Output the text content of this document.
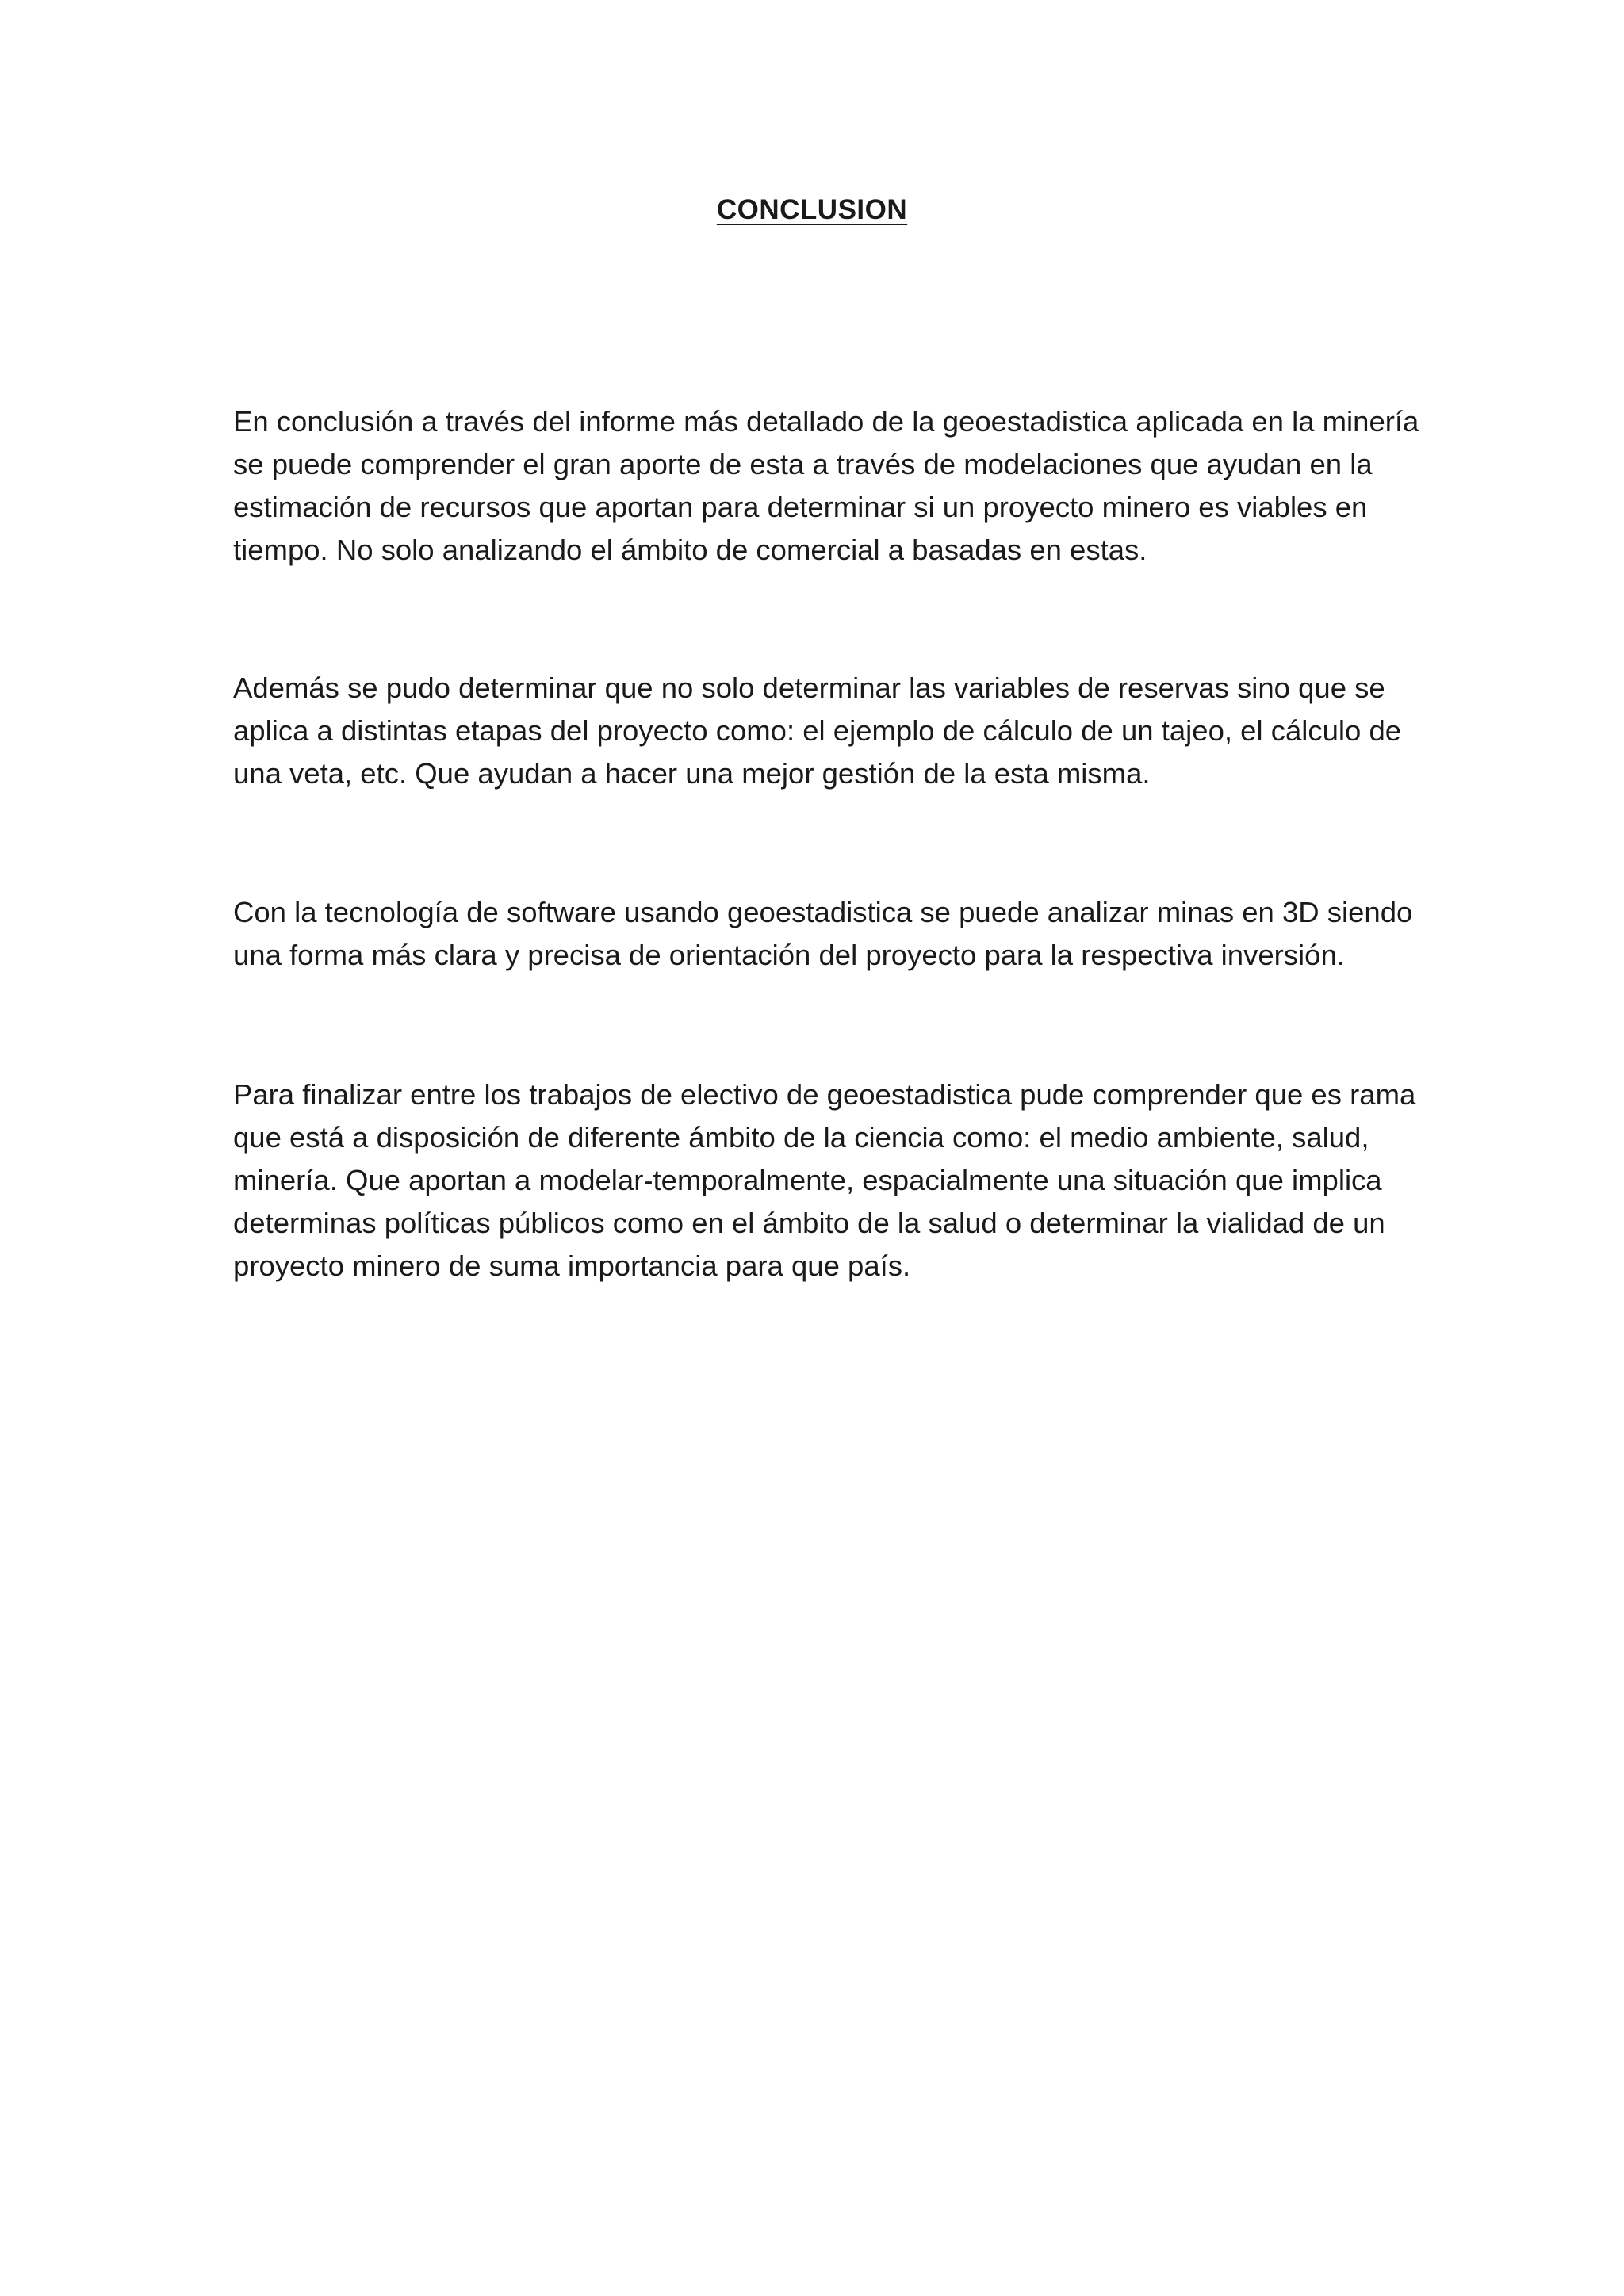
CONCLUSION

En conclusión a través del informe más detallado de la geoestadistica aplicada en la minería
se puede comprender el gran aporte de esta a través de modelaciones que ayudan en la
estimación de recursos que aportan para determinar si un proyecto minero es viables en
tiempo. No solo analizando el ámbito de comercial a basadas en estas.

Además se pudo determinar que no solo determinar las variables de reservas sino que se
aplica a distintas etapas del proyecto como: el ejemplo de cálculo de un tajeo, el cálculo de
una veta, etc. Que ayudan a hacer una mejor gestión de la esta misma.

Con la tecnología de software usando geoestadistica se puede analizar minas en 3D siendo
una forma más clara y precisa de orientación del proyecto para la respectiva inversión.

Para finalizar entre los trabajos de electivo de geoestadistica pude comprender que es rama
que está a disposición de diferente ámbito de la ciencia como: el medio ambiente, salud,
minería. Que aportan a modelar-temporalmente, espacialmente una situación que implica
determinas políticas públicos como en el ámbito de la salud o determinar la vialidad de un
proyecto minero de suma importancia para que país.
